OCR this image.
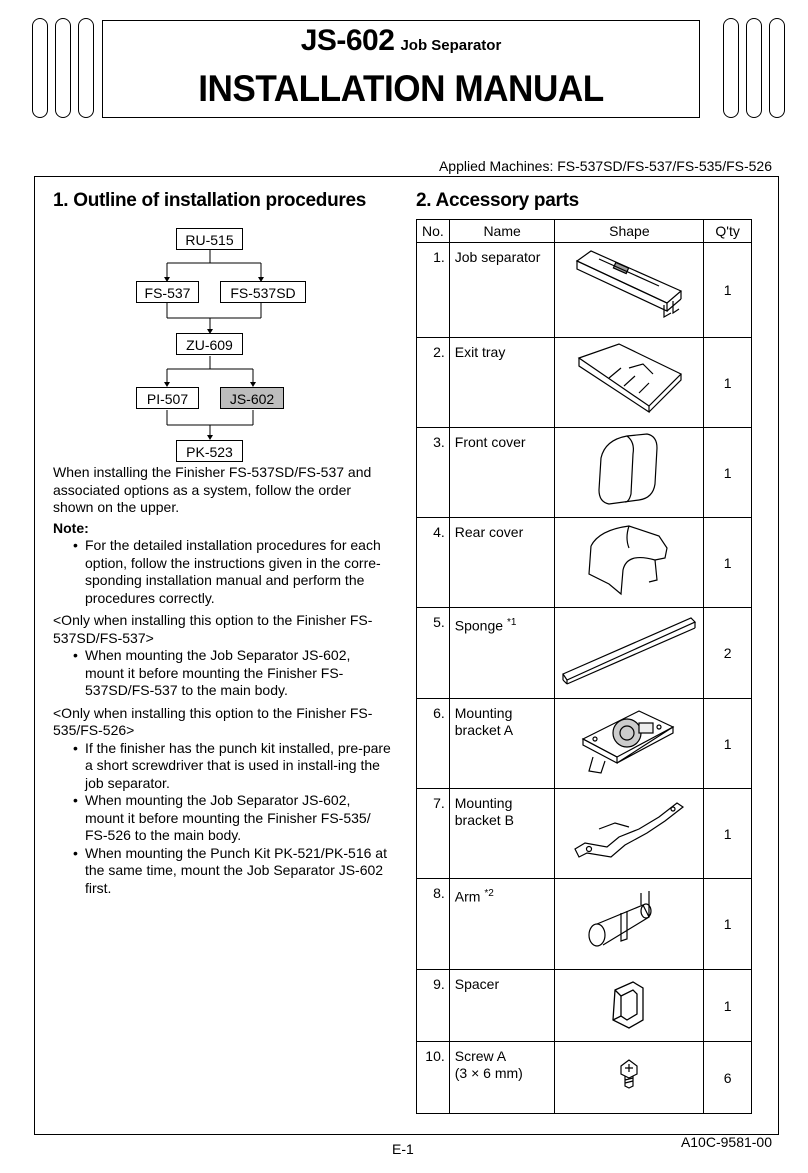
JS-602 Job Separator
INSTALLATION MANUAL
Applied Machines: FS-537SD/FS-537/FS-535/FS-526
1. Outline of installation procedures
RU-515
FS-537	FS-537SD
ZU-609
PI-507	JS-602
PK-523
When installing the Finisher FS-537SD/FS-537 and associated options as a system, follow the order shown on the upper.
Note:
• For the detailed installation procedures for each option, follow the instructions given in the corre-sponding installation manual and perform the procedures correctly.
<Only when installing this option to the Finisher FS-537SD/FS-537>
• When mounting the Job Separator JS-602, mount it before mounting the Finisher FS-537SD/FS-537 to the main body.
<Only when installing this option to the Finisher FS-535/FS-526>
• If the finisher has the punch kit installed, pre-pare a short screwdriver that is used in install-ing the job separator.
• When mounting the Job Separator JS-602, mount it before mounting the Finisher FS-535/ FS-526 to the main body.
• When mounting the Punch Kit PK-521/PK-516 at the same time, mount the Job Separator JS-602 first.
2. Accessory parts
No.	Name	Shape	Q'ty
1.	Job separator		1
2.	Exit tray		1
3.	Front cover		1
4.	Rear cover		1
5.	Sponge $^{*1}$		2
6.	Mounting bracket A		1
7.	Mounting bracket B		1
8.	Arm $^{*2}$		1
9.	Spacer		1
10.	Screw A
(3 × 6 mm)		6
A10C-9581-00
E-1
